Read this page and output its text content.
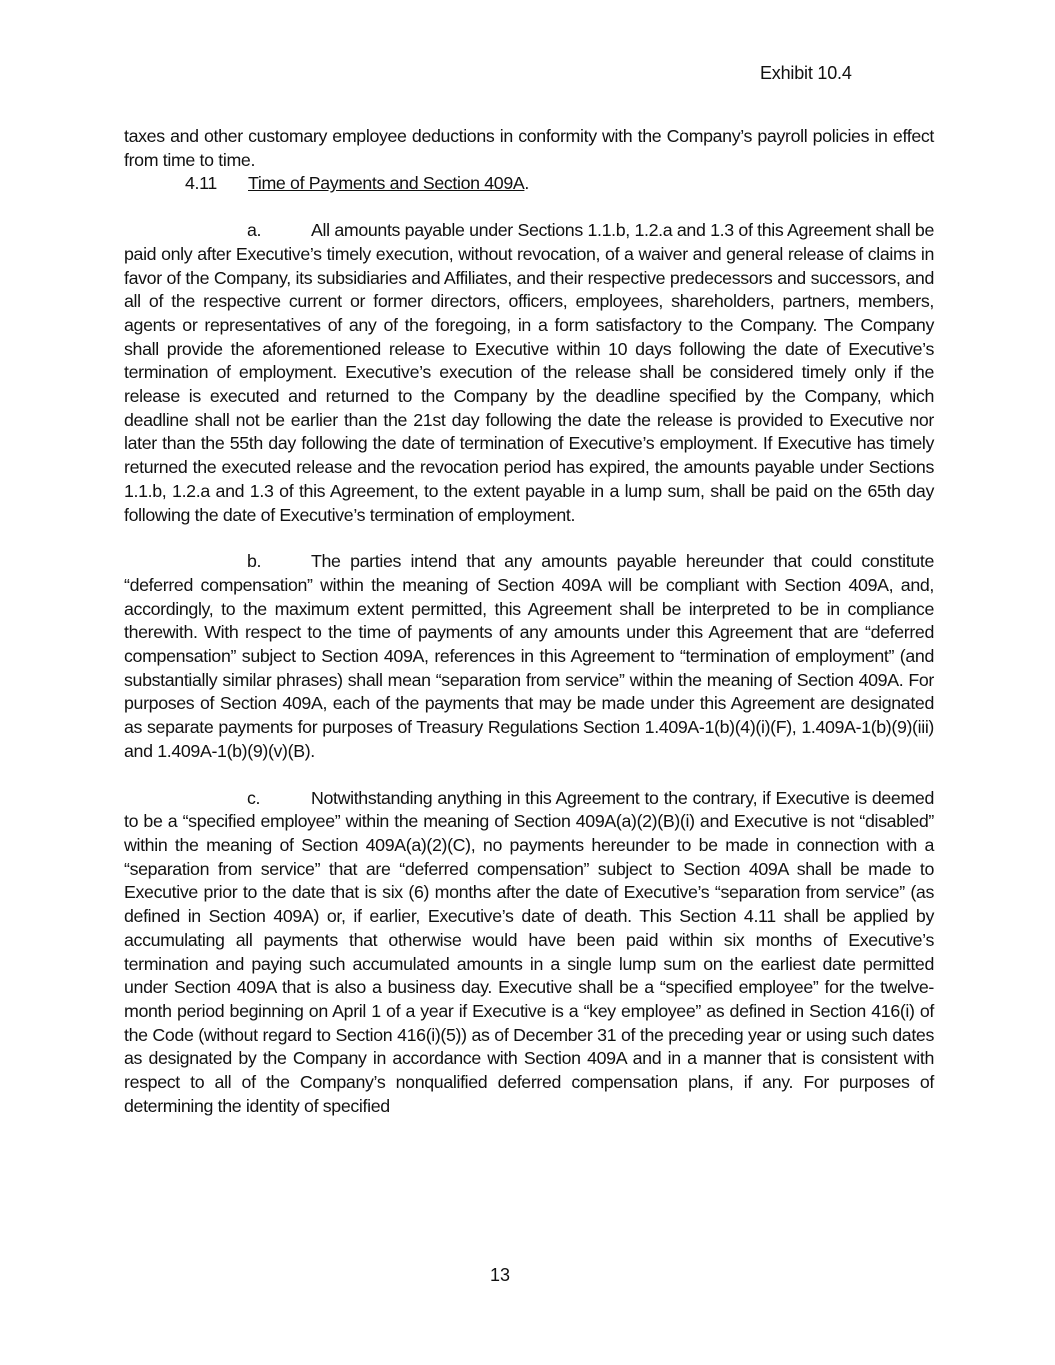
Exhibit 10.4

taxes and other customary employee deductions in conformity with the Company’s payroll policies in effect from time to time.

4.11 Time of Payments and Section 409A.

a.	All amounts payable under Sections 1.1.b, 1.2.a and 1.3 of this Agreement shall be paid only after Executive’s timely execution, without revocation, of a waiver and general release of claims in favor of the Company, its subsidiaries and Affiliates, and their respective predecessors and successors, and all of the respective current or former directors, officers, employees, shareholders, partners, members, agents or representatives of any of the foregoing, in a form satisfactory to the Company. The Company shall provide the aforementioned release to Executive within 10 days following the date of Executive’s termination of employment. Executive’s execution of the release shall be considered timely only if the release is executed and returned to the Company by the deadline specified by the Company, which deadline shall not be earlier than the 21st day following the date the release is provided to Executive nor later than the 55th day following the date of termination of Executive’s employment. If Executive has timely returned the executed release and the revocation period has expired, the amounts payable under Sections 1.1.b, 1.2.a and 1.3 of this Agreement, to the extent payable in a lump sum, shall be paid on the 65th day following the date of Executive’s termination of employment.

b.	The parties intend that any amounts payable hereunder that could constitute “deferred compensation” within the meaning of Section 409A will be compliant with Section 409A, and, accordingly, to the maximum extent permitted, this Agreement shall be interpreted to be in compliance therewith. With respect to the time of payments of any amounts under this Agreement that are “deferred compensation” subject to Section 409A, references in this Agreement to “termination of employment” (and substantially similar phrases) shall mean “separation from service” within the meaning of Section 409A. For purposes of Section 409A, each of the payments that may be made under this Agreement are designated as separate payments for purposes of Treasury Regulations Section 1.409A-1(b)(4)(i)(F), 1.409A-1(b)(9)(iii) and 1.409A-1(b)(9)(v)(B).

c.	Notwithstanding anything in this Agreement to the contrary, if Executive is deemed to be a “specified employee” within the meaning of Section 409A(a)(2)(B)(i) and Executive is not “disabled” within the meaning of Section 409A(a)(2)(C), no payments hereunder to be made in connection with a “separation from service” that are “deferred compensation” subject to Section 409A shall be made to Executive prior to the date that is six (6) months after the date of Executive’s “separation from service” (as defined in Section 409A) or, if earlier, Executive’s date of death. This Section 4.11 shall be applied by accumulating all payments that otherwise would have been paid within six months of Executive’s termination and paying such accumulated amounts in a single lump sum on the earliest date permitted under Section 409A that is also a business day. Executive shall be a “specified employee” for the twelve-month period beginning on April 1 of a year if Executive is a “key employee” as defined in Section 416(i) of the Code (without regard to Section 416(i)(5)) as of December 31 of the preceding year or using such dates as designated by the Company in accordance with Section 409A and in a manner that is consistent with respect to all of the Company’s nonqualified deferred compensation plans, if any. For purposes of determining the identity of specified

13
